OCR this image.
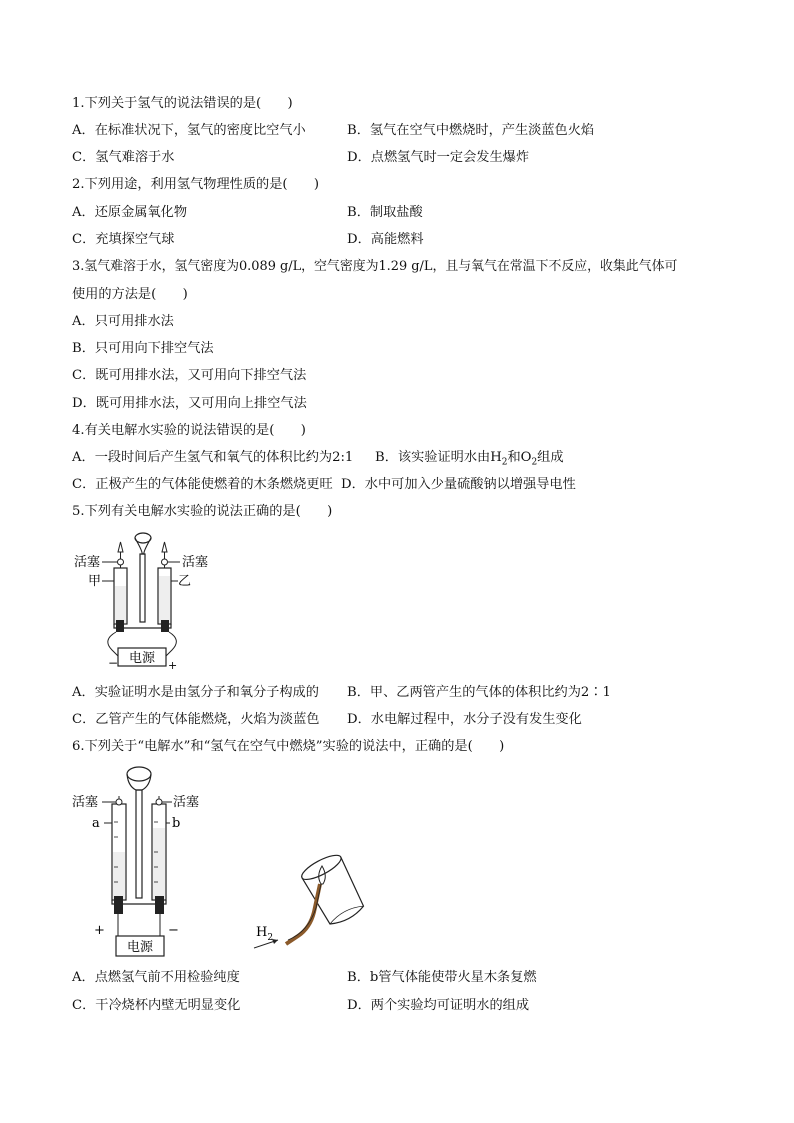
1.下列关于氢气的说法错误的是(　　)
A．在标准状况下，氢气的密度比空气小	B．氢气在空气中燃烧时，产生淡蓝色火焰
C．氢气难溶于水	D．点燃氢气时一定会发生爆炸
2.下列用途，利用氢气物理性质的是(　　)
A．还原金属氧化物	B．制取盐酸
C．充填探空气球	D．高能燃料
3.氢气难溶于水，氢气密度为0.089 g/L，空气密度为1.29 g/L，且与氧气在常温下不反应，收集此气体可
使用的方法是(　　)
A．只可用排水法
B．只可用向下排空气法
C．既可用排水法，又可用向下排空气法
D．既可用排水法，又可用向上排空气法
4.有关电解水实验的说法错误的是(　　)
A．一段时间后产生氢气和氧气的体积比约为2:1 B．该实验证明水由$H_2$和$O_2$组成
C．正极产生的气体能使燃着的木条燃烧更旺 D．水中可加入少量硫酸钠以增强导电性
5.下列有关电解水实验的说法正确的是(　　)
电源
活塞	活塞
甲	乙
−	+
A．实验证明水是由氢分子和氧分子构成的 B．甲、乙两管产生的气体的体积比约为2∶1
C．乙管产生的气体能燃烧，火焰为淡蓝色 D．水电解过程中，水分子没有发生变化
6.下列关于“电解水”和“氢气在空气中燃烧”实验的说法中，正确的是(　　)
电源
活塞	活塞
a	b
+	−	$H_2$
A．点燃氢气前不用检验纯度	B．b管气体能使带火星木条复燃
C．干冷烧杯内壁无明显变化	D．两个实验均可证明水的组成
